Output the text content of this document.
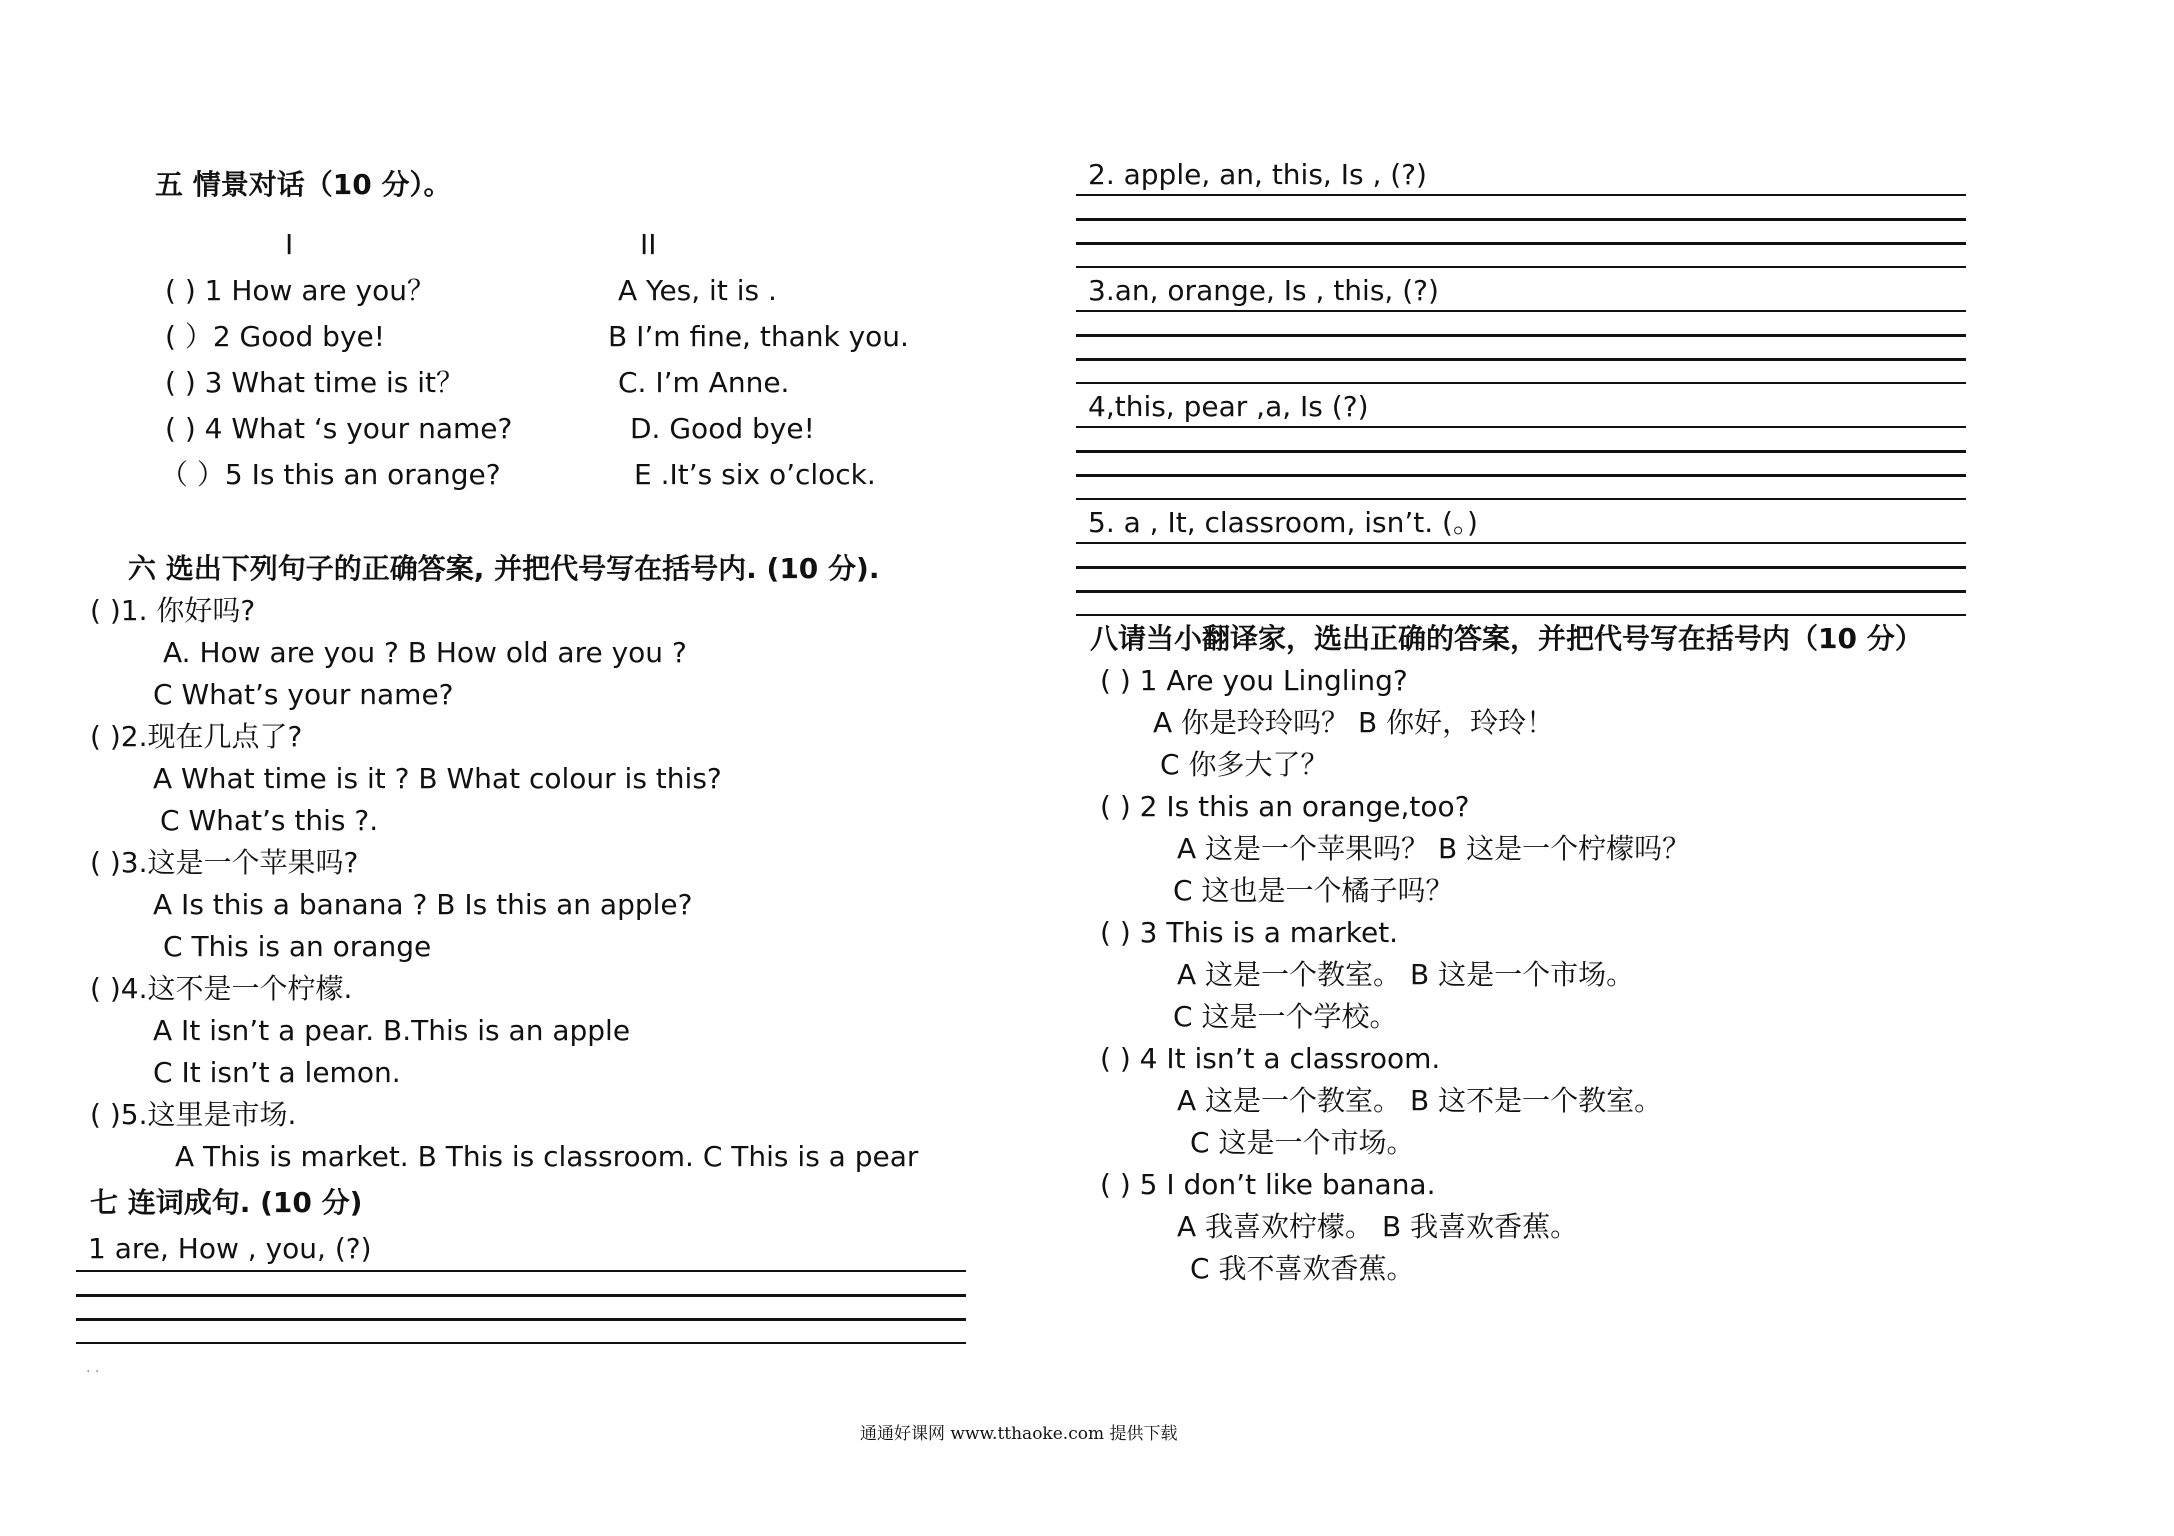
五 情景对话（10 分）。
I	II
( ) 1 How are you？	A Yes, it is .
( ）2 Good bye!	B I’m fine, thank you.
( ) 3 What time is it？	C. I’m Anne.
( ) 4 What ‘s your name?	D. Good bye!
（ ）5 Is this an orange?	E .It’s six o’clock.
六 选出下列句子的正确答案, 并把代号写在括号内. (10 分).
( )1. 你好吗?
A. How are you ? B How old are you ?
C What’s your name?
( )2.现在几点了?
A What time is it ? B What colour is this?
C What’s this ?.
( )3.这是一个苹果吗?
A Is this a banana ? B Is this an apple?
C This is an orange
( )4.这不是一个柠檬.
A It isn’t a pear. B.This is an apple
C It isn’t a lemon.
( )5.这里是市场.
A This is market. B This is classroom. C This is a pear
七 连词成句. (10 分)
1 are, How , you, (?)
· ·
2. apple, an, this, Is , (?)
3.an, orange, Is , this, (?)
4,this, pear ,a, Is (?)
5. a , It, classroom, isn’t. (。)
八请当小翻译家，选出正确的答案，并把代号写在括号内（10 分）
( ) 1 Are you Lingling?
A 你是玲玲吗？ B 你好，玲玲！
C 你多大了？
( ) 2 Is this an orange,too?
A 这是一个苹果吗？ B 这是一个柠檬吗？
C 这也是一个橘子吗？
( ) 3 This is a market.
A 这是一个教室。 B 这是一个市场。
C 这是一个学校。
( ) 4 It isn’t a classroom.
A 这是一个教室。 B 这不是一个教室。
C 这是一个市场。
( ) 5 I don’t like banana.
A 我喜欢柠檬。 B 我喜欢香蕉。
C 我不喜欢香蕉。
通通好课网 www.tthaoke.com 提供下载
